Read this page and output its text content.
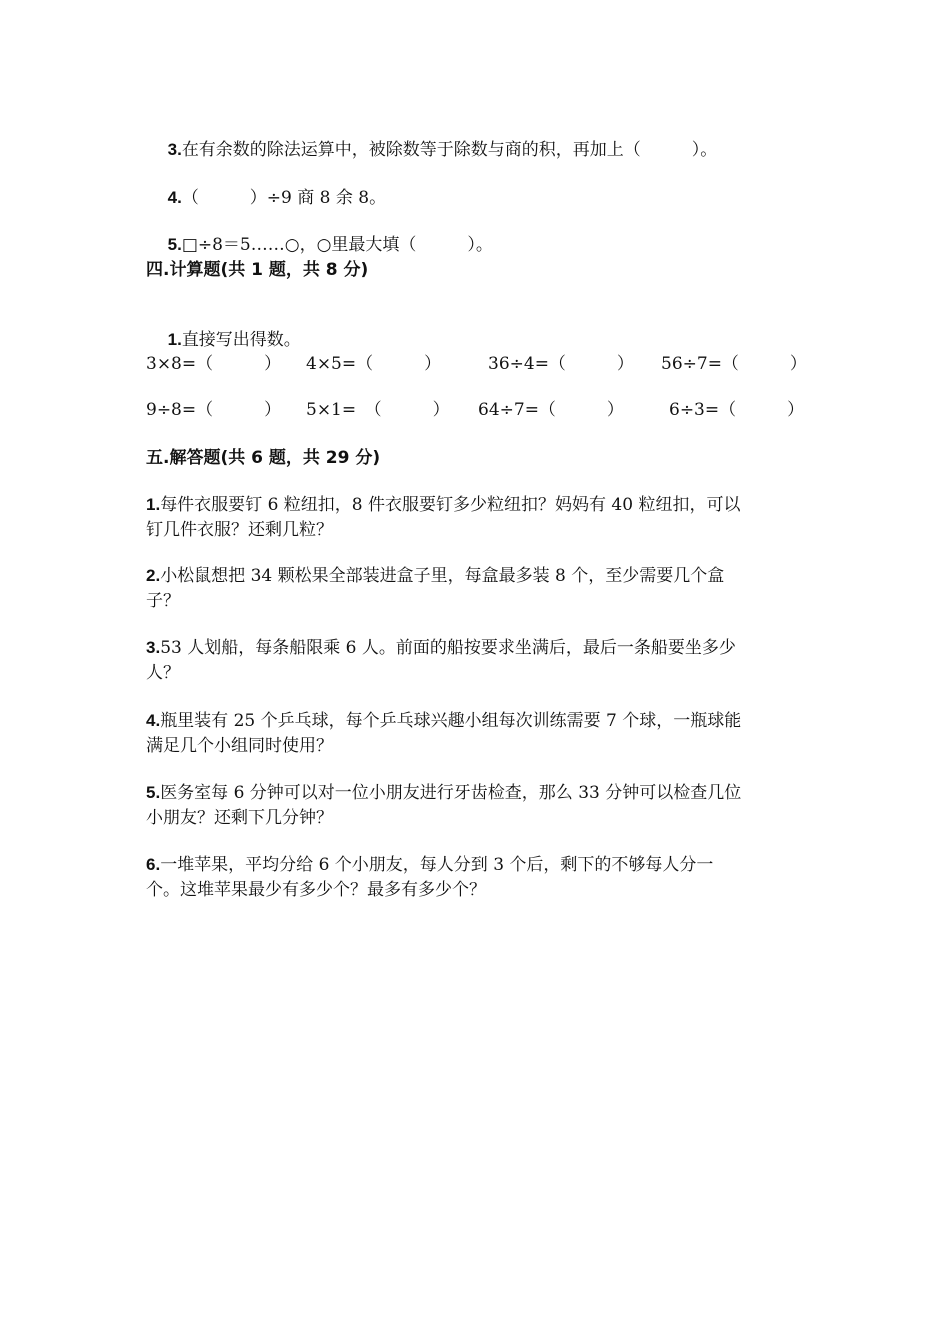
3.在有余数的除法运算中，被除数等于除数与商的积，再加上（　　　）。

4.（　　　）÷9 商 8 余 8。

5.□÷8＝5……○，○里最大填（　　　）。

四.计算题(共 1 题，共 8 分)

1.直接写出得数。

3×8=（　　　） 4×5=（　　　）	36÷4=（　　　） 56÷7=（　　　）
9÷8=（　　　） 5×1=　（　　　） 64÷7=（　　　）	6÷3=（　　　）
五.解答题(共 6 题，共 29 分)
1.每件衣服要钉 6 粒纽扣，8 件衣服要钉多少粒纽扣？妈妈有 40 粒纽扣，可以
钉几件衣服？还剩几粒？
2.小松鼠想把 34 颗松果全部装进盒子里，每盒最多装 8 个，至少需要几个盒
子？
3.53 人划船，每条船限乘 6 人。前面的船按要求坐满后，最后一条船要坐多少
人？
4.瓶里装有 25 个乒乓球，每个乒乓球兴趣小组每次训练需要 7 个球，一瓶球能
满足几个小组同时使用？
5.医务室每 6 分钟可以对一位小朋友进行牙齿检查，那么 33 分钟可以检查几位
小朋友？还剩下几分钟？
6.一堆苹果，平均分给 6 个小朋友，每人分到 3 个后，剩下的不够每人分一
个。这堆苹果最少有多少个？最多有多少个？
